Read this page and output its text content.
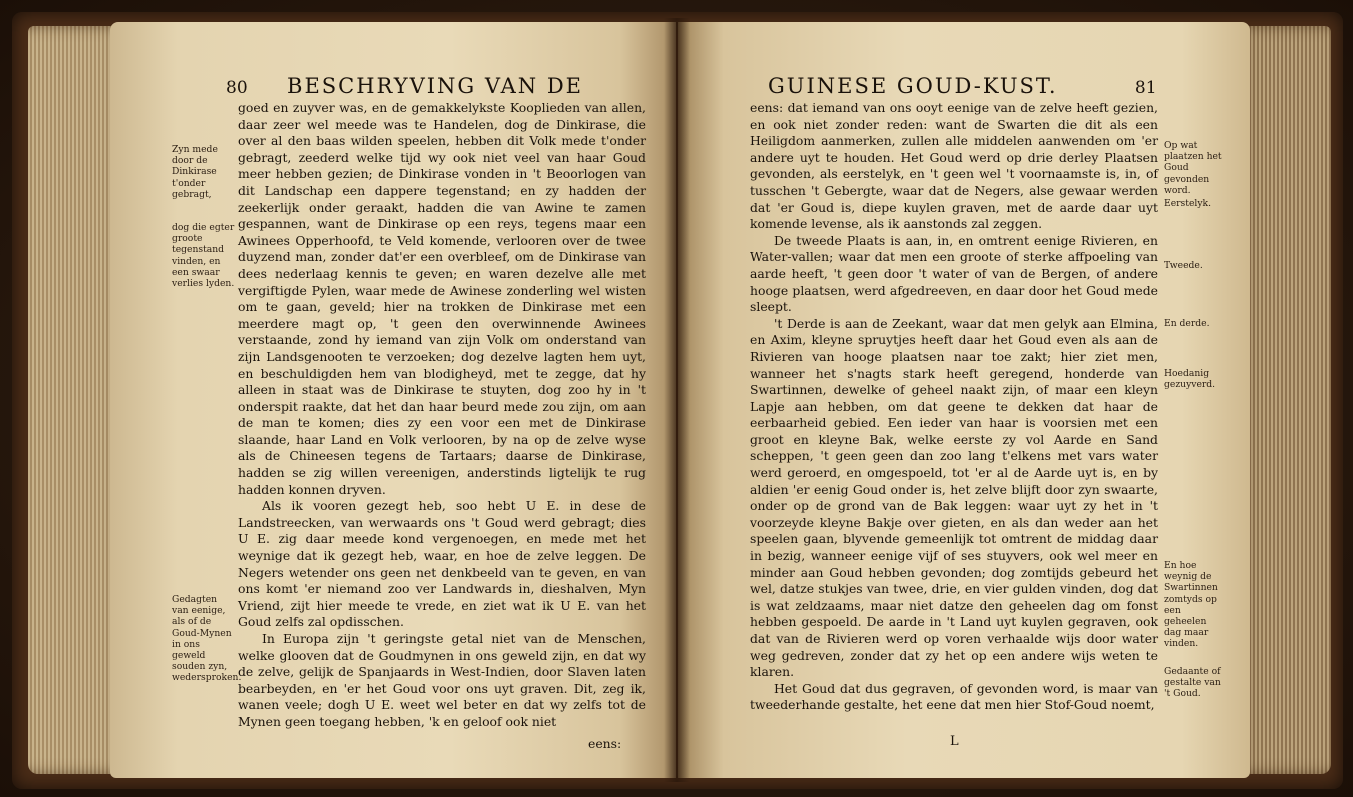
80 BESCHRYVING VAN DE
Zyn mede door de Dinkirase t'onder gebragt,
dog die egter groote tegenstand vinden, en een swaar verlies lyden.
Gedagten van eenige, als of de Goud-Mynen in ons geweld souden zyn, wedersproken.

goed en zuyver was, en de gemakkelykste Kooplieden van allen, daar zeer wel meede was te Handelen, dog de Dinkirase, die over al den baas wilden speelen, hebben dit Volk mede t'onder gebragt, zeederd welke tijd wy ook niet veel van haar Goud meer hebben gezien; de Dinkirase vonden in 't Beoorlogen van dit Landschap een dappere tegenstand; en zy hadden der zeekerlijk onder geraakt, hadden die van Awine te zamen gespannen, want de Dinkirase op een reys, tegens maar een Awinees Opperhoofd, te Veld komende, verlooren over de twee duyzend man, zonder dat'er een overbleef, om de Dinkirase van dees nederlaag kennis te geven; en waren dezelve alle met vergiftigde Pylen, waar mede de Awinese zonderling wel wisten om te gaan, geveld; hier na trokken de Dinkirase met een meerdere magt op, 't geen den overwinnende Awinees verstaande, zond hy iemand van zijn Volk om onderstand van zijn Landsgenooten te verzoeken; dog dezelve lagten hem uyt, en beschuldigden hem van blodigheyd, met te zegge, dat hy alleen in staat was de Dinkirase te stuyten, dog zoo hy in 't onderspit raakte, dat het dan haar beurd mede zou zijn, om aan de man te komen; dies zy een voor een met de Dinkirase slaande, haar Land en Volk verlooren, by na op de zelve wyse als de Chineesen tegens de Tartaars; daarse de Dinkirase, hadden se zig willen vereenigen, anderstinds ligtelijk te rug hadden konnen dryven.

Als ik vooren gezegt heb, soo hebt U E. in dese de Landstreecken, van werwaards ons 't Goud werd gebragt; dies U E. zig daar meede kond vergenoegen, en mede met het weynige dat ik gezegt heb, waar, en hoe de zelve leggen. De Negers wetender ons geen net denkbeeld van te geven, en van ons komt 'er niemand zoo ver Landwards in, dieshalven, Myn Vriend, zijt hier meede te vrede, en ziet wat ik U E. van het Goud zelfs zal opdisschen.

In Europa zijn 't geringste getal niet van de Menschen, welke glooven dat de Goudmynen in ons geweld zijn, en dat wy de zelve, gelijk de Spanjaards in West-Indien, door Slaven laten bearbeyden, en 'er het Goud voor ons uyt graven. Dit, zeg ik, wanen veele; dogh U E. weet wel beter en dat wy zelfs tot de Mynen geen toegang hebben, 'k en geloof ook niet

eens:
GUINESE GOUD-KUST.	81

eens: dat iemand van ons ooyt eenige van de zelve heeft gezien, en ook niet zonder reden: want de Swarten die dit als een Heiligdom aanmerken, zullen alle middelen aanwenden om 'er andere uyt te houden. Het Goud werd op drie derley Plaatsen gevonden, als eerstelyk, en 't geen wel 't voornaamste is, in, of tusschen 't Gebergte, waar dat de Negers, alse gewaar werden dat 'er Goud is, diepe kuylen graven, met de aarde daar uyt komende levense, als ik aanstonds zal zeggen.

De tweede Plaats is aan, in, en omtrent eenige Rivieren, en Water-vallen; waar dat men een groote of sterke affpoeling van aarde heeft, 't geen door 't water of van de Bergen, of andere hooge plaatsen, werd afgedreeven, en daar door het Goud mede sleept.

't Derde is aan de Zeekant, waar dat men gelyk aan Elmina, en Axim, kleyne spruytjes heeft daar het Goud even als aan de Rivieren van hooge plaatsen naar toe zakt; hier ziet men, wanneer het s'nagts stark heeft geregend, honderde van Swartinnen, dewelke of geheel naakt zijn, of maar een kleyn Lapje aan hebben, om dat geene te dekken dat haar de eerbaarheid gebied. Een ieder van haar is voorsien met een groot en kleyne Bak, welke eerste zy vol Aarde en Sand scheppen, 't geen geen dan zoo lang t'elkens met vars water werd geroerd, en omgespoeld, tot 'er al de Aarde uyt is, en by aldien 'er eenig Goud onder is, het zelve blijft door zyn swaarte, onder op de grond van de Bak leggen: waar uyt zy het in 't voorzeyde kleyne Bakje over gieten, en als dan weder aan het speelen gaan, blyvende gemeenlijk tot omtrent de middag daar in bezig, wanneer eenige vijf of ses stuyvers, ook wel meer en minder aan Goud hebben gevonden; dog zomtijds gebeurd het wel, datze stukjes van twee, drie, en vier gulden vinden, dog dat is wat zeldzaams, maar niet datze den geheelen dag om fonst hebben gespoeld. De aarde in 't Land uyt kuylen gegraven, ook dat van de Rivieren werd op voren verhaalde wijs door water weg gedreven, zonder dat zy het op een andere wijs weten te klaren.

Het Goud dat dus gegraven, of gevonden word, is maar van tweederhande gestalte, het eene dat men hier Stof-Goud noemt,

L
Op wat plaatzen het Goud gevonden word.
Eerstelyk.
Tweede.
En derde.
Hoedanig gezuyverd.
En hoe weynig de Swartinnen zomtyds op een geheelen dag maar vinden.
Gedaante of gestalte van 't Goud.
